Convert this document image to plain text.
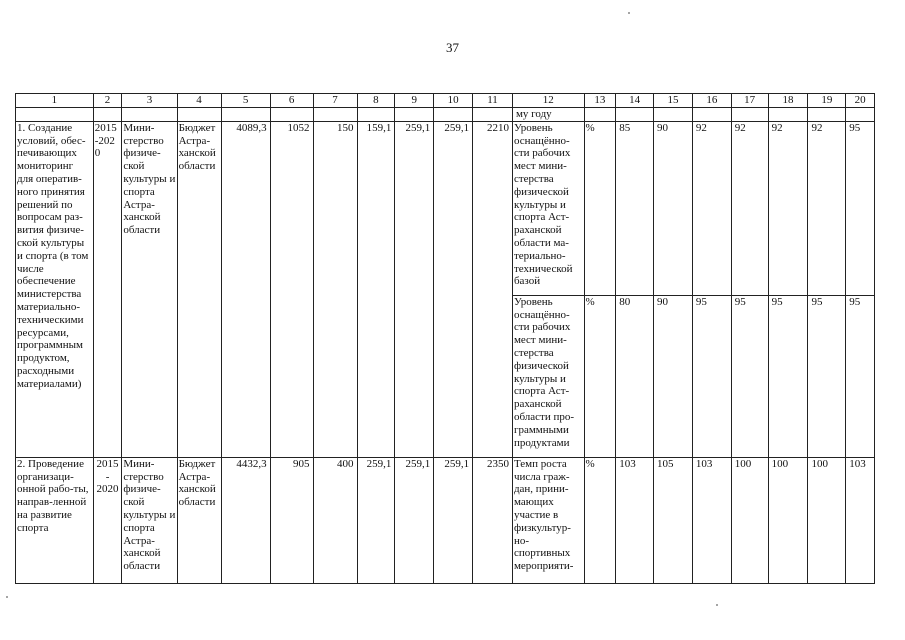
37
1	2	3	4	5	6	7	8	9	10	11	12	13	14	15	16	17	18	19	20
											му году								
1. Создание условий, обес-печивающих мониторинг для оператив-ного принятия решений по вопросам раз-вития физиче-ской культуры и спорта (в том числе обеспечение министерства материально-техническими ресурсами, программным продуктом, расходными материалами)	2015-2020	Мини-стерство физиче-ской культуры и спорта Астра-ханской области	Бюджет Астра-ханской области	4089,3	1052	150	159,1	259,1	259,1	2210	Уровень оснащённо-сти рабочих мест мини-стерства физической культуры и спорта Аст-раханской области ма-териально-технической базой	%	85	90	92	92	92	92	95
											Уровень оснащённо-сти рабочих мест мини-стерства физической культуры и спорта Аст-раханской области про-граммными продуктами	%	80	90	95	95	95	95	95
2. Проведение организаци-онной рабо-ты, направ-ленной на развитие спорта	2015 - 2020	Мини-стерство физиче-ской культуры и спорта Астра-ханской области	Бюджет Астра-ханской области	4432,3	905	400	259,1	259,1	259,1	2350	Темп роста числа граж-дан, прини-мающих участие в физкультур-но-спортивных мероприяти-	%	103	105	103	100	100	100	103
